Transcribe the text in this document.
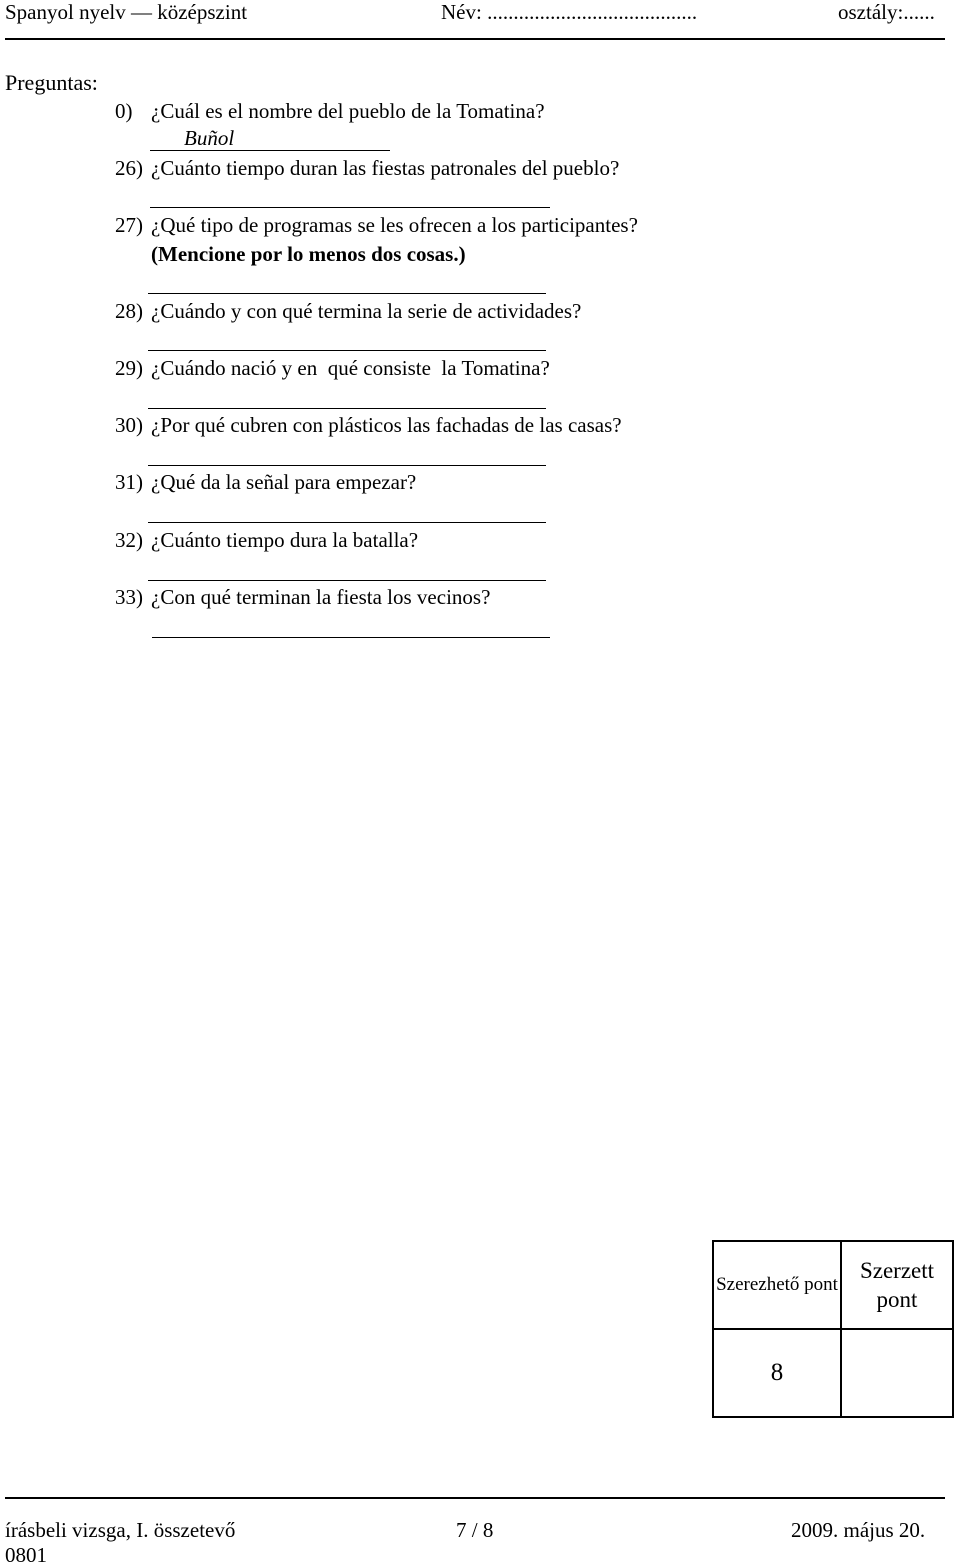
Spanyol nyelv — középszint	Név: ........................................	osztály:......
Preguntas:
0) ¿Cuál es el nombre del pueblo de la Tomatina?
Buñol
26) ¿Cuánto tiempo duran las fiestas patronales del pueblo?
27) ¿Qué tipo de programas se les ofrecen a los participantes?
(Mencione por lo menos dos cosas.)
28) ¿Cuándo y con qué termina la serie de actividades?
29) ¿Cuándo nació y en  qué consiste  la Tomatina?
30) ¿Por qué cubren con plásticos las fachadas de las casas?
31) ¿Qué da la señal para empezar?
32) ¿Cuánto tiempo dura la batalla?
33) ¿Con qué terminan la fiesta los vecinos?
Szerezhető pont	Szerzett pont
8	
írásbeli vizsga, I. összetevő	7 / 8	2009. május 20.
0801
